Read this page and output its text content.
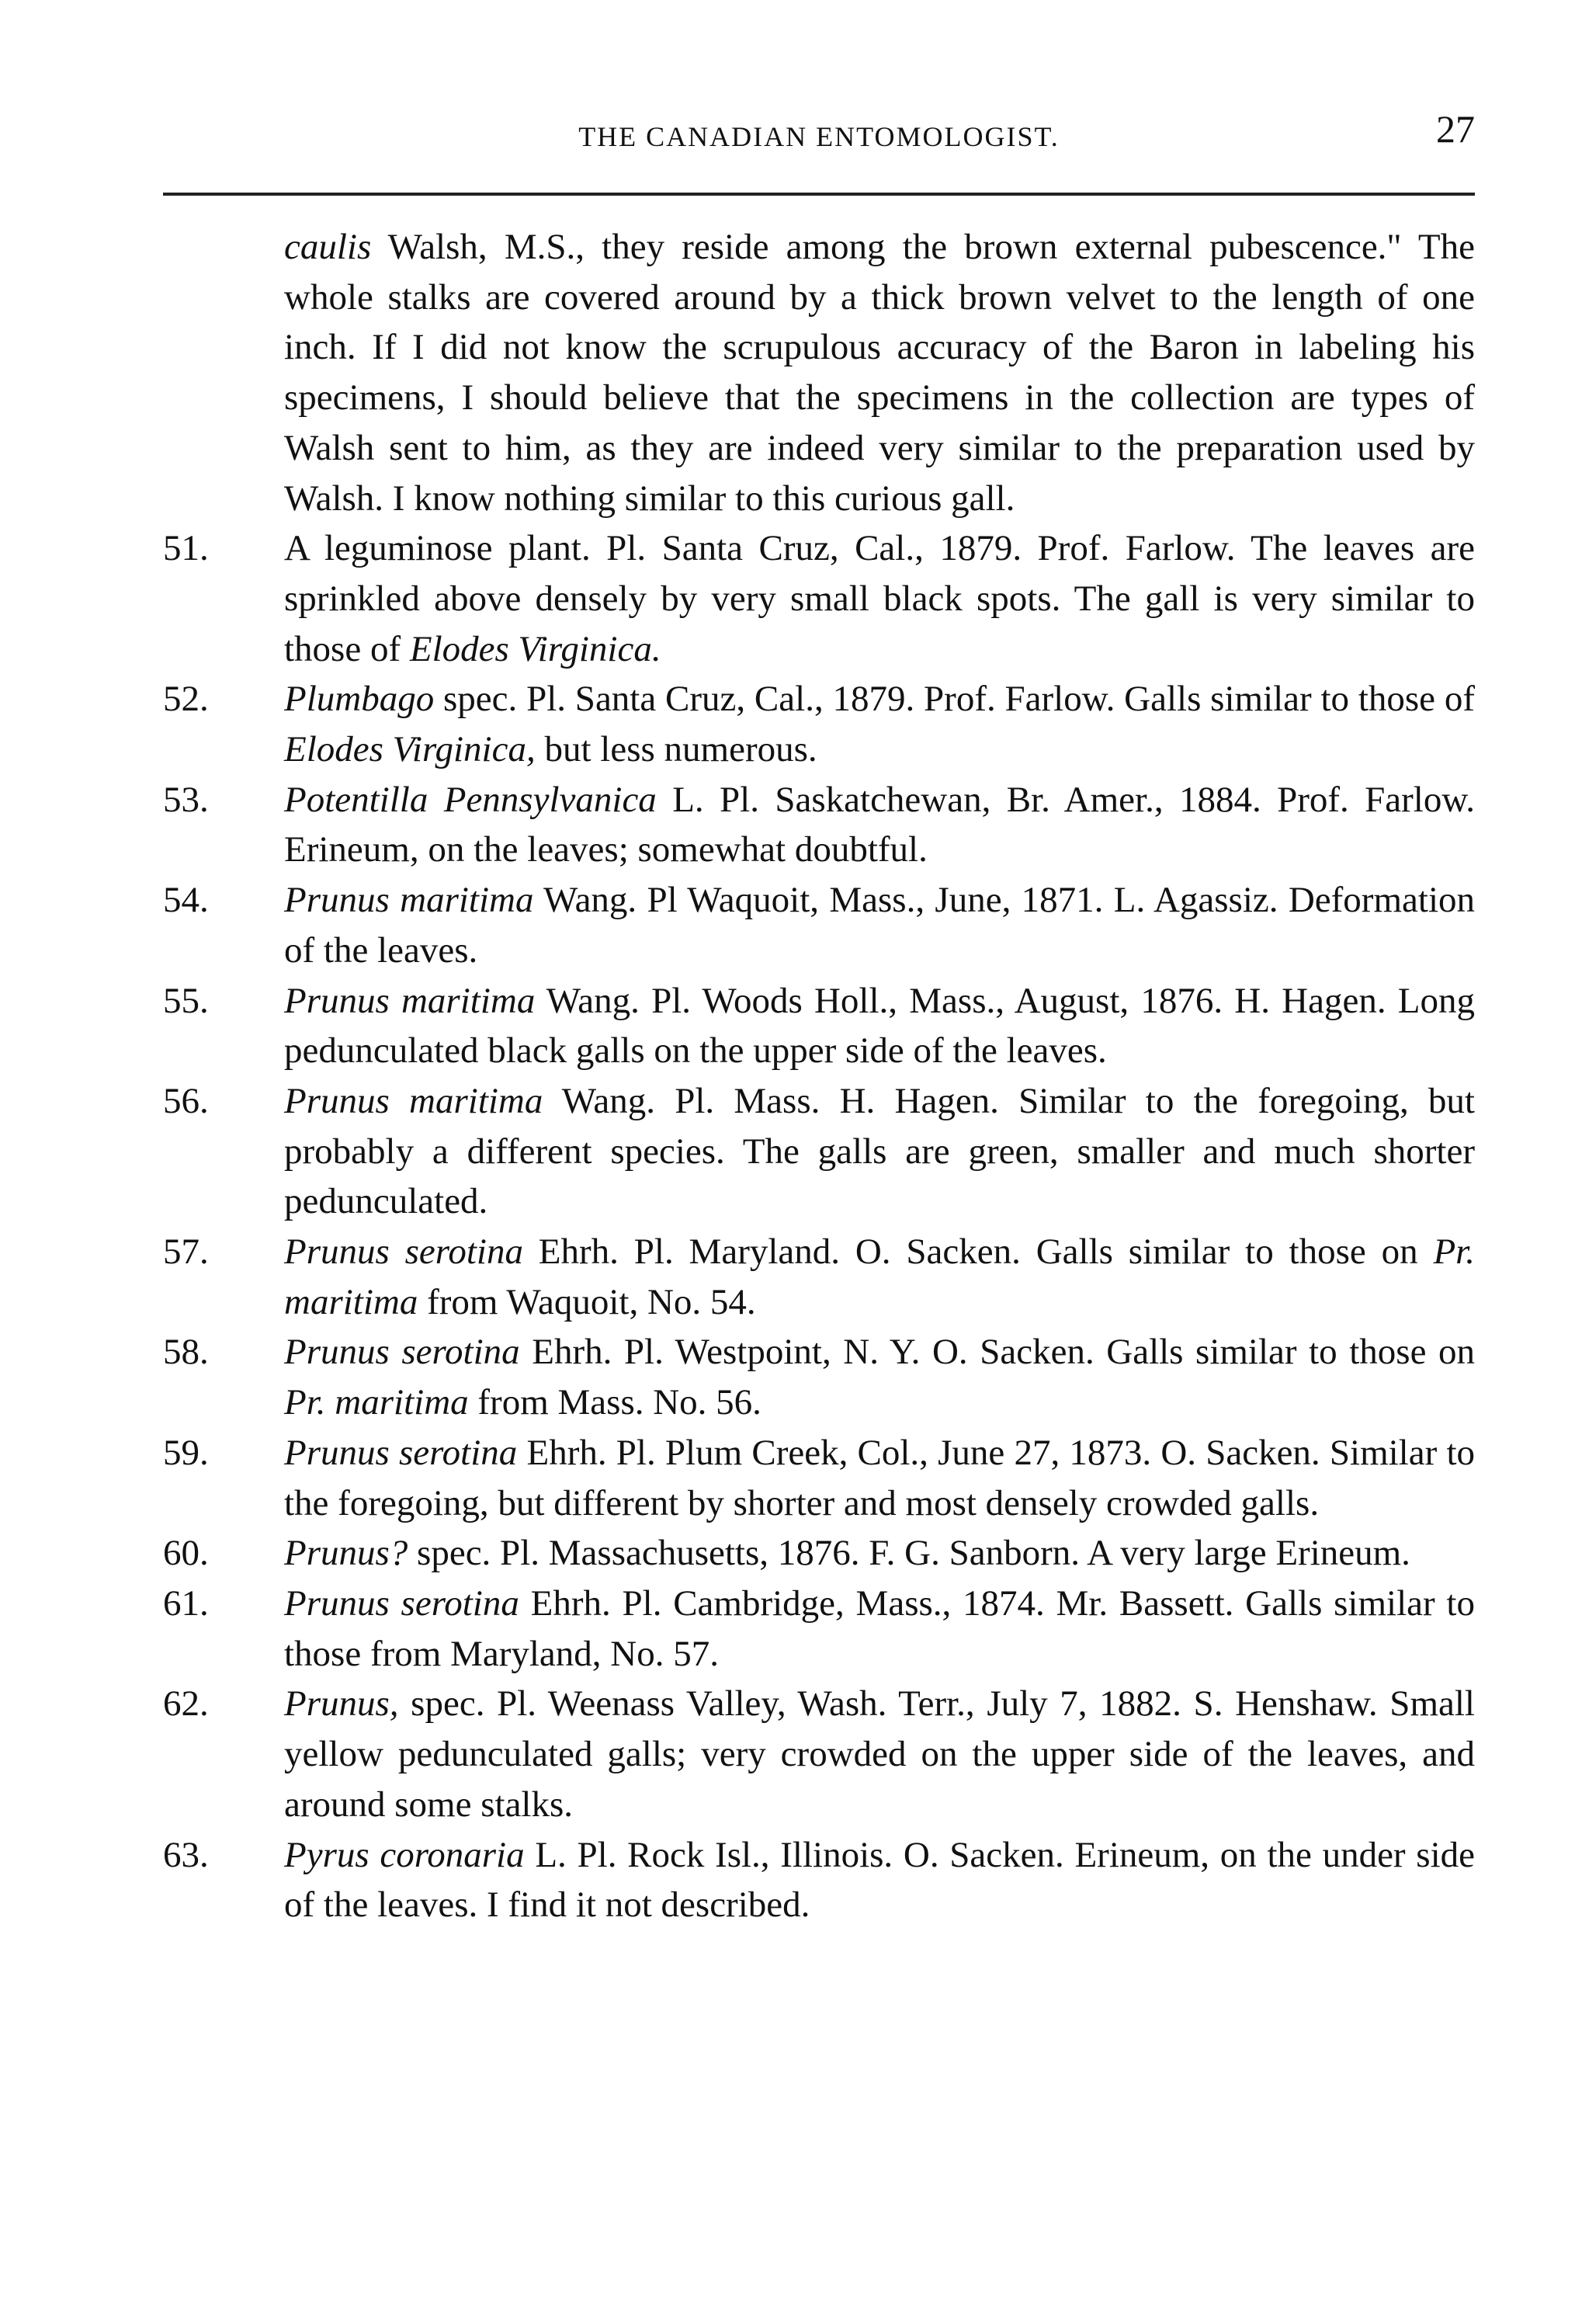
THE CANADIAN ENTOMOLOGIST.	27
caulis Walsh, M.S., they reside among the brown external pubescence." The whole stalks are covered around by a thick brown velvet to the length of one inch. If I did not know the scrupulous accuracy of the Baron in labeling his specimens, I should believe that the specimens in the collection are types of Walsh sent to him, as they are indeed very similar to the preparation used by Walsh. I know nothing similar to this curious gall.
51.	A leguminose plant. Pl. Santa Cruz, Cal., 1879. Prof. Farlow. The leaves are sprinkled above densely by very small black spots. The gall is very similar to those of Elodes Virginica.
52.	Plumbago spec. Pl. Santa Cruz, Cal., 1879. Prof. Farlow. Galls similar to those of Elodes Virginica, but less numerous.
53.	Potentilla Pennsylvanica L. Pl. Saskatchewan, Br. Amer., 1884. Prof. Farlow. Erineum, on the leaves; somewhat doubtful.
54.	Prunus maritima Wang. Pl Waquoit, Mass., June, 1871. L. Agassiz. Deformation of the leaves.
55.	Prunus maritima Wang. Pl. Woods Holl., Mass., August, 1876. H. Hagen. Long pedunculated black galls on the upper side of the leaves.
56.	Prunus maritima Wang. Pl. Mass. H. Hagen. Similar to the foregoing, but probably a different species. The galls are green, smaller and much shorter pedunculated.
57.	Prunus serotina Ehrh. Pl. Maryland. O. Sacken. Galls similar to those on Pr. maritima from Waquoit, No. 54.
58.	Prunus serotina Ehrh. Pl. Westpoint, N. Y. O. Sacken. Galls similar to those on Pr. maritima from Mass. No. 56.
59.	Prunus serotina Ehrh. Pl. Plum Creek, Col., June 27, 1873. O. Sacken. Similar to the foregoing, but different by shorter and most densely crowded galls.
60.	Prunus? spec. Pl. Massachusetts, 1876. F. G. Sanborn. A very large Erineum.
61.	Prunus serotina Ehrh. Pl. Cambridge, Mass., 1874. Mr. Bassett. Galls similar to those from Maryland, No. 57.
62.	Prunus, spec. Pl. Weenass Valley, Wash. Terr., July 7, 1882. S. Henshaw. Small yellow pedunculated galls; very crowded on the upper side of the leaves, and around some stalks.
63.	Pyrus coronaria L. Pl. Rock Isl., Illinois. O. Sacken. Erineum, on the under side of the leaves. I find it not described.
